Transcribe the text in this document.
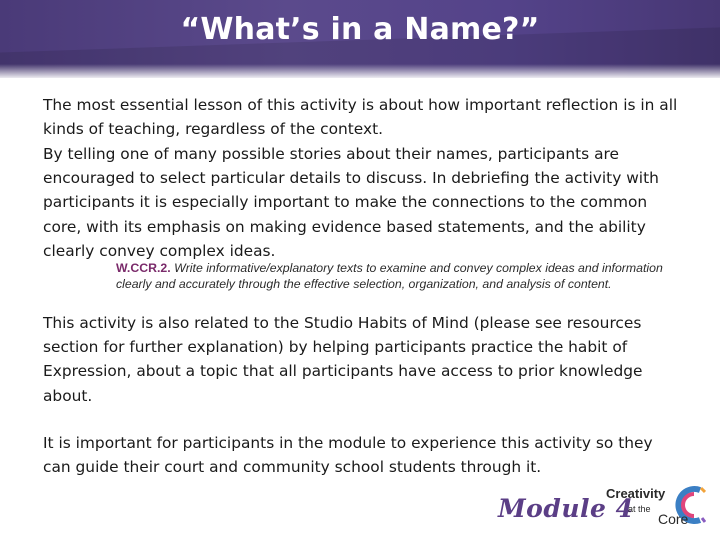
“What’s in a Name?”
The most essential lesson of this activity is about how important reflection is in all kinds of teaching, regardless of the context.
By telling one of many possible stories about their names, participants are encouraged to select particular details to discuss. In debriefing the activity with participants it is especially important to make the connections to the common core, with its emphasis on making evidence based statements, and the ability clearly convey complex ideas.
W.CCR.2. Write informative/explanatory texts to examine and convey complex ideas and information clearly and accurately through the effective selection, organization, and analysis of content.
This activity is also related to the Studio Habits of Mind (please see resources section for further explanation) by helping participants practice the habit of Expression, about a topic that all participants have access to prior knowledge about.
It is important for participants in the module to experience this activity so they can guide their court and community school students through it.
Module 4
Creativity
at the
Core
